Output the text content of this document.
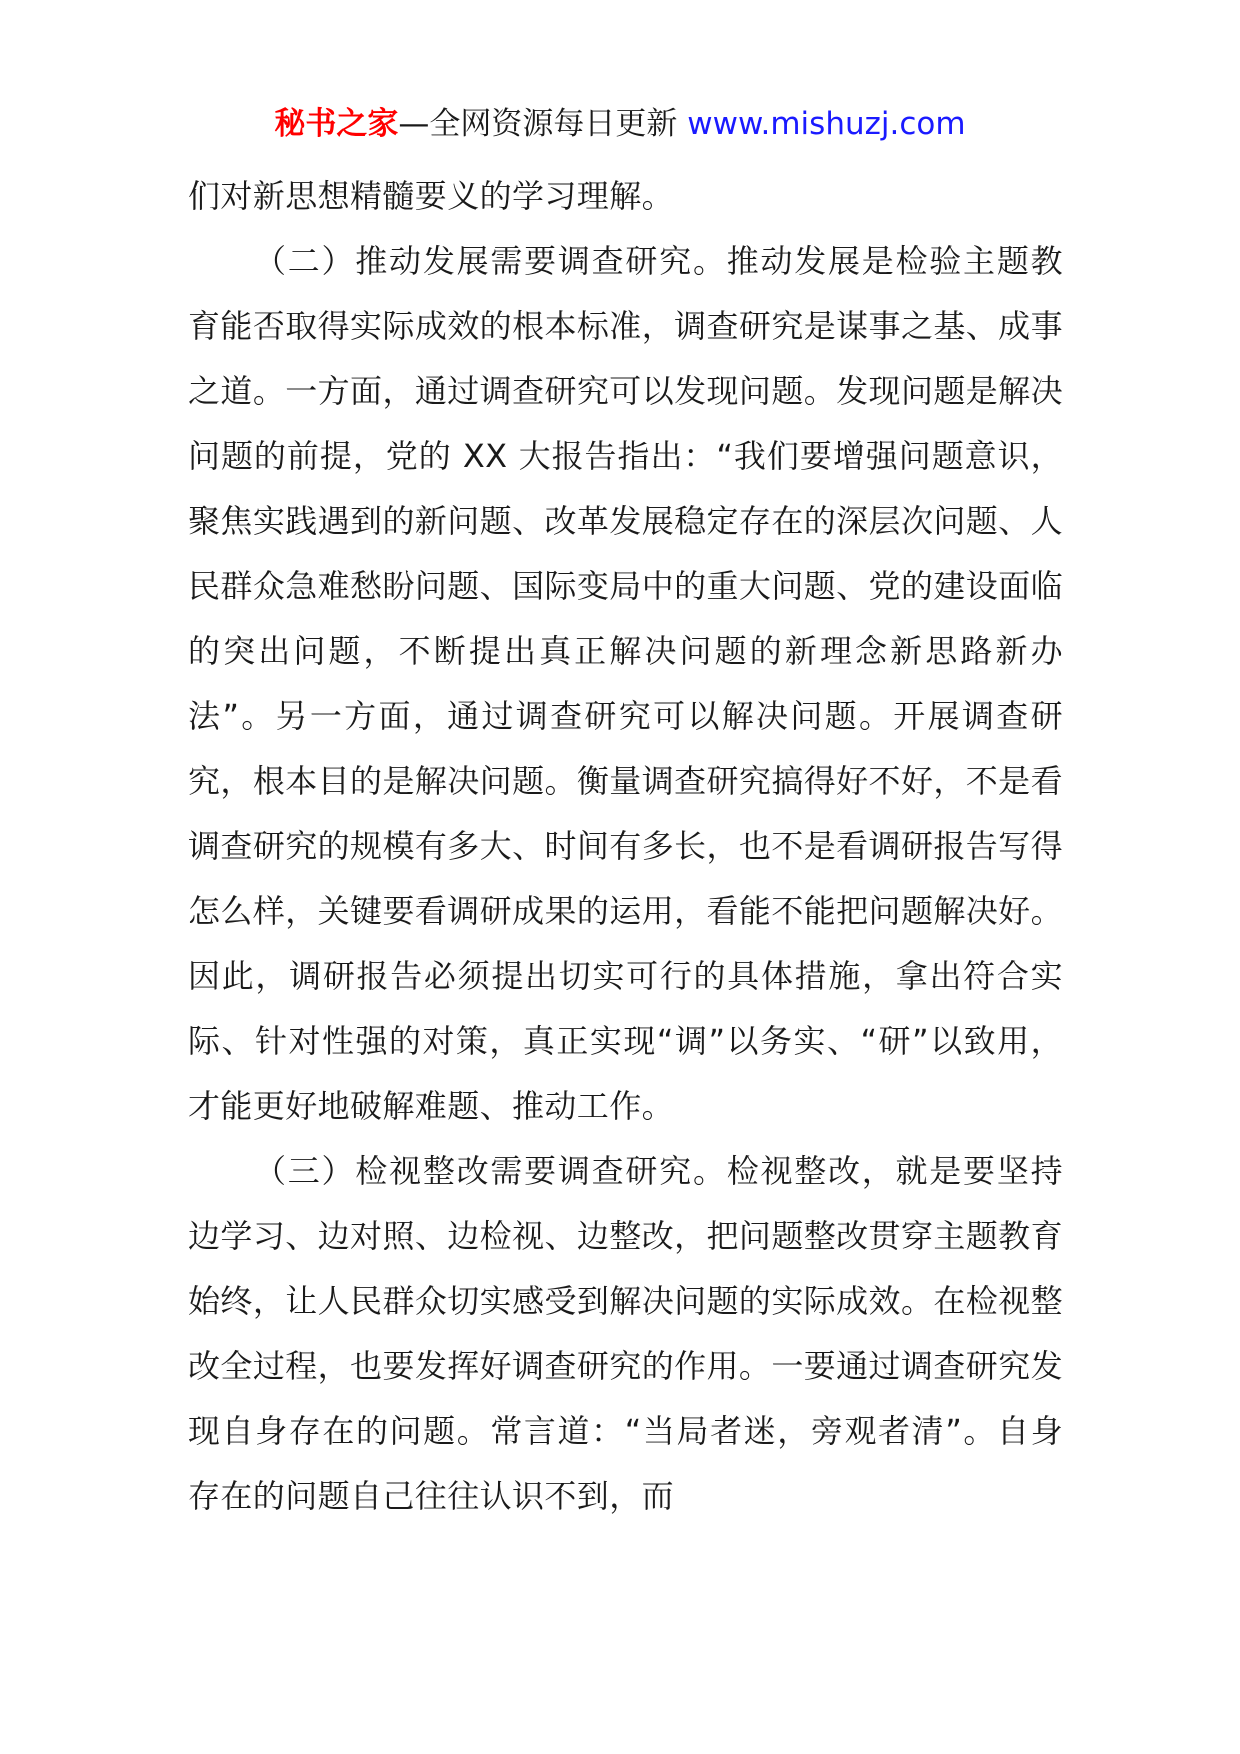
秘书之家—全网资源每日更新 www.mishuzj.com

们对新思想精髓要义的学习理解。

（二）推动发展需要调查研究。推动发展是检验主题教育能否取得实际成效的根本标准，调查研究是谋事之基、成事之道。一方面，通过调查研究可以发现问题。发现问题是解决问题的前提，党的 XX 大报告指出：“我们要增强问题意识，聚焦实践遇到的新问题、改革发展稳定存在的深层次问题、人民群众急难愁盼问题、国际变局中的重大问题、党的建设面临的突出问题，不断提出真正解决问题的新理念新思路新办法”。另一方面，通过调查研究可以解决问题。开展调查研究，根本目的是解决问题。衡量调查研究搞得好不好，不是看调查研究的规模有多大、时间有多长，也不是看调研报告写得怎么样，关键要看调研成果的运用，看能不能把问题解决好。因此，调研报告必须提出切实可行的具体措施，拿出符合实际、针对性强的对策，真正实现“调”以务实、“研”以致用，才能更好地破解难题、推动工作。

（三）检视整改需要调查研究。检视整改，就是要坚持边学习、边对照、边检视、边整改，把问题整改贯穿主题教育始终，让人民群众切实感受到解决问题的实际成效。在检视整改全过程，也要发挥好调查研究的作用。一要通过调查研究发现自身存在的问题。常言道：“当局者迷，旁观者清”。自身存在的问题自己往往认识不到，而
